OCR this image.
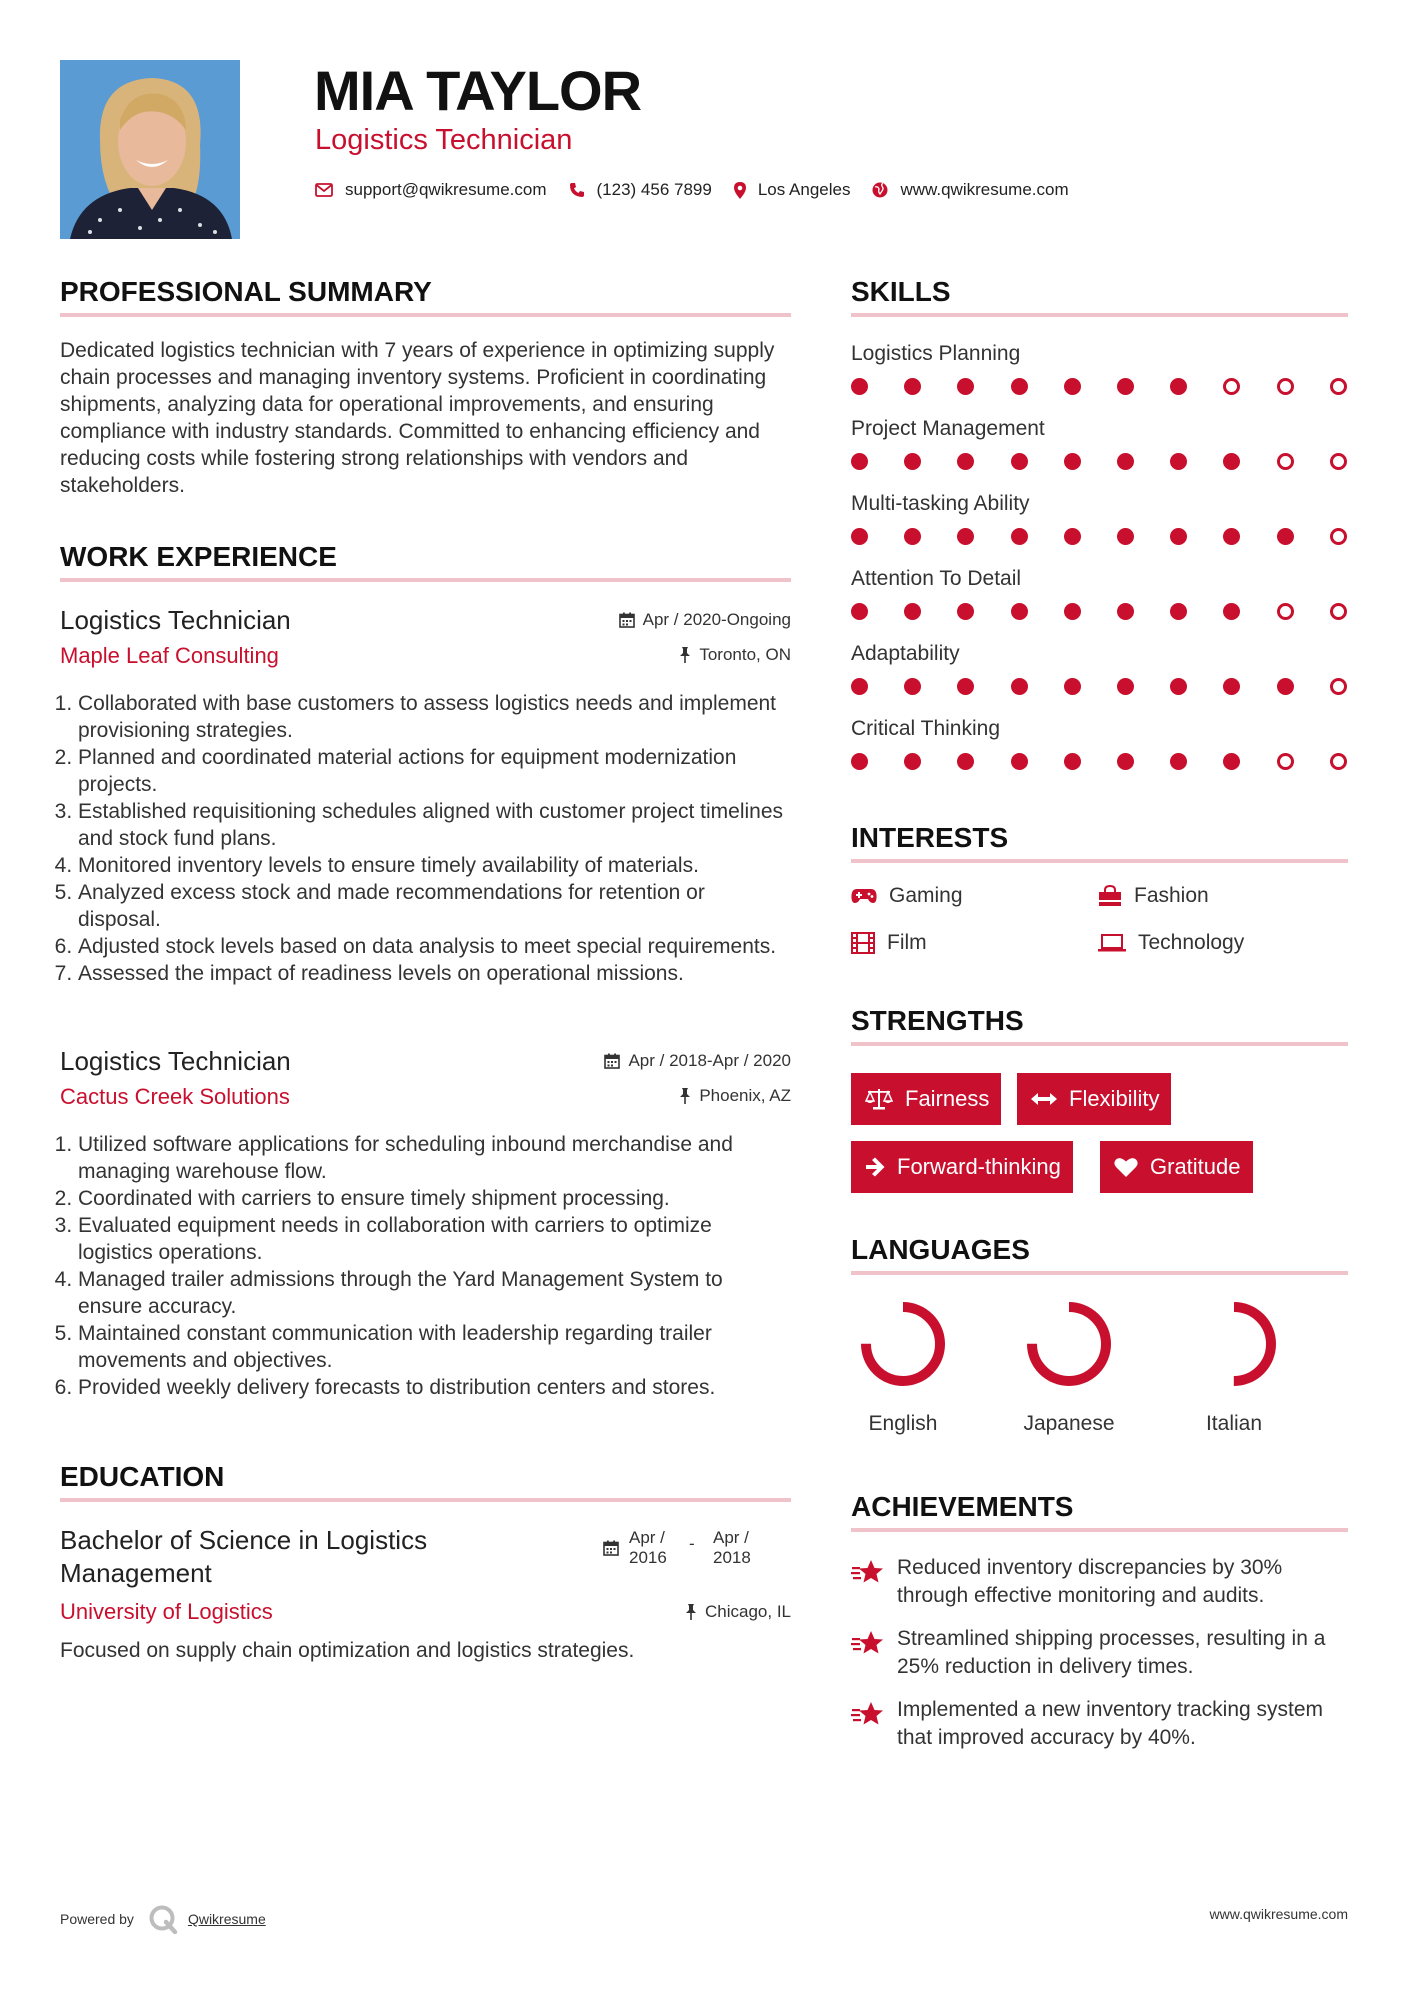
MIA TAYLOR
Logistics Technician
support@qwikresume.com	(123) 456 7899	Los Angeles	www.qwikresume.com
PROFESSIONAL SUMMARY
Dedicated logistics technician with 7 years of experience in optimizing supply chain processes and managing inventory systems. Proficient in coordinating shipments, analyzing data for operational improvements, and ensuring compliance with industry standards. Committed to enhancing efficiency and reducing costs while fostering strong relationships with vendors and stakeholders.
WORK EXPERIENCE
Logistics Technician
Maple Leaf Consulting
Apr / 2020-Ongoing
Toronto, ON
1. Collaborated with base customers to assess logistics needs and implement provisioning strategies.
2. Planned and coordinated material actions for equipment modernization projects.
3. Established requisitioning schedules aligned with customer project timelines and stock fund plans.
4. Monitored inventory levels to ensure timely availability of materials.
5. Analyzed excess stock and made recommendations for retention or disposal.
6. Adjusted stock levels based on data analysis to meet special requirements.
7. Assessed the impact of readiness levels on operational missions.
Logistics Technician
Cactus Creek Solutions
Apr / 2018-Apr / 2020
Phoenix, AZ
1. Utilized software applications for scheduling inbound merchandise and managing warehouse flow.
2. Coordinated with carriers to ensure timely shipment processing.
3. Evaluated equipment needs in collaboration with carriers to optimize logistics operations.
4. Managed trailer admissions through the Yard Management System to ensure accuracy.
5. Maintained constant communication with leadership regarding trailer movements and objectives.
6. Provided weekly delivery forecasts to distribution centers and stores.
EDUCATION
Bachelor of Science in Logistics Management
University of Logistics
Apr / 2016
- Apr / 2018
Chicago, IL
Focused on supply chain optimization and logistics strategies.
SKILLS
Logistics Planning
Project Management
Multi-tasking Ability
Attention To Detail
Adaptability
Critical Thinking
INTERESTS
Gaming	Fashion
Film	Technology
STRENGTHS
Fairness	Flexibility
Forward-thinking	Gratitude
LANGUAGES
English	Japanese	Italian
ACHIEVEMENTS
Reduced inventory discrepancies by 30% through effective monitoring and audits.
Streamlined shipping processes, resulting in a 25% reduction in delivery times.
Implemented a new inventory tracking system that improved accuracy by 40%.
Powered by	Qwikresume	www.qwikresume.com
